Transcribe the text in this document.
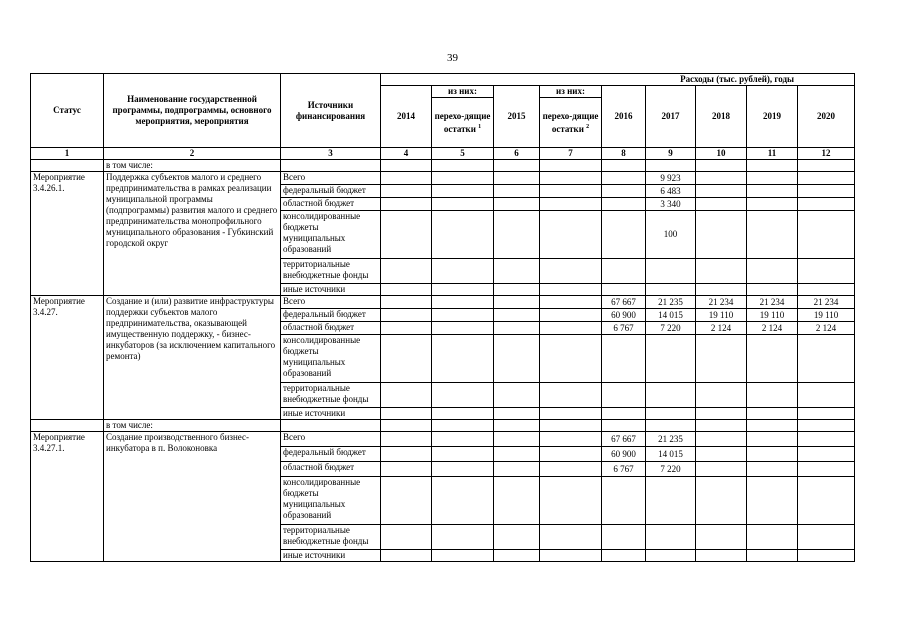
39
Статус	Наименование государственной программы, подпрограммы, основного мероприятия, мероприятия	Источники финансирования	Расходы (тыс. рублей), годы								
			2014	из них:	2015	из них:	2016	2017	2018	2019	2020
				перехо-дящие остатки $^1$		перехо-дящие остатки $^2$
1	2	3	4	5	6	7	8	9	10	11	12
	в том числе:										
Мероприятие 3.4.26.1.	Поддержка субъектов малого и среднего предпринимательства в рамках реализации муниципальной программы (подпрограммы) развития малого и среднего предпринимательства монопрофильного муниципального образования - Губкинский городской округ	Всего						9 923			
		федеральный бюджет						6 483			
		областной бюджет						3 340			
		консолидированные бюджеты муниципальных образований						100			
		территориальные внебюджетные фонды									
		иные источники									
Мероприятие 3.4.27.	Создание и (или) развитие инфраструктуры поддержки субъектов малого предпринимательства, оказывающей имущественную поддержку, - бизнес-инкубаторов (за исключением капитального ремонта)	Всего					67 667	21 235	21 234	21 234	21 234
		федеральный бюджет					60 900	14 015	19 110	19 110	19 110
		областной бюджет					6 767	7 220	2 124	2 124	2 124
		консолидированные бюджеты муниципальных образований									
		территориальные внебюджетные фонды									
		иные источники									
	в том числе:										
Мероприятие 3.4.27.1.	Создание производственного бизнес-инкубатора в п. Волоконовка	Всего					67 667	21 235			
		федеральный бюджет					60 900	14 015			
		областной бюджет					6 767	7 220			
		консолидированные бюджеты муниципальных образований									
		территориальные внебюджетные фонды									
		иные источники									
